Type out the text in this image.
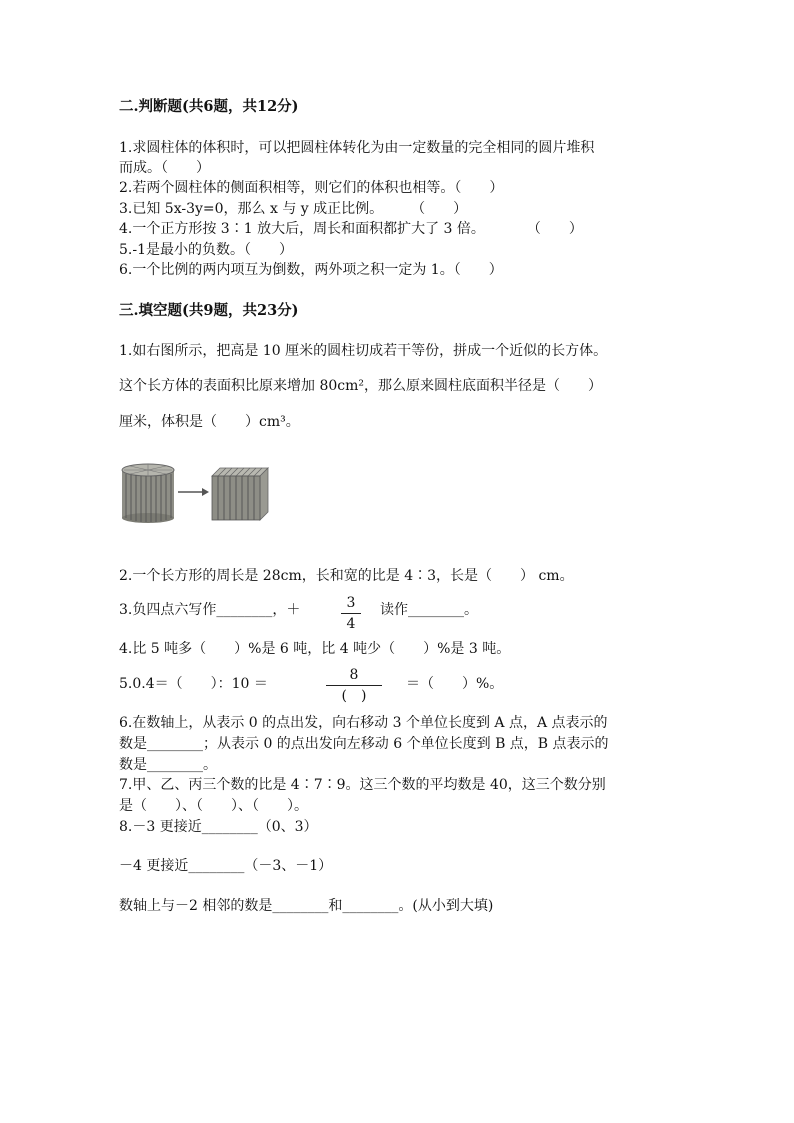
二.判断题(共6题，共12分)
1.求圆柱体的体积时，可以把圆柱体转化为由一定数量的完全相同的圆片堆积
而成。（　　）
2.若两个圆柱体的侧面积相等，则它们的体积也相等。（　　）
3.已知 5x-3y=0，那么 x 与 y 成正比例。　　　（　　）
4.一个正方形按 3∶1 放大后，周长和面积都扩大了 3 倍。　　　　（　　）
5.-1是最小的负数。（　　）
6.一个比例的两内项互为倒数，两外项之积一定为 1。（　　）
三.填空题(共9题，共23分)
1.如右图所示，把高是 10 厘米的圆柱切成若干等份，拼成一个近似的长方体。
这个长方体的表面积比原来增加 80cm²，那么原来圆柱底面积半径是（　　）
厘米，体积是（　　）cm³。
2.一个长方形的周长是 28cm，长和宽的比是 4∶3，长是（　　） cm。
3.负四点六写作________，＋	3
4
读作________。
4.比 5 吨多（　　）%是 6 吨，比 4 吨少（　　）%是 3 吨。
5.0.4＝（　　）：10 ＝
8
(　)
＝（　　）%。
6.在数轴上，从表示 0 的点出发，向右移动 3 个单位长度到 A 点，A 点表示的
数是________；从表示 0 的点出发向左移动 6 个单位长度到 B 点，B 点表示的
数是________。
7.甲、乙、丙三个数的比是 4∶7∶9。这三个数的平均数是 40，这三个数分别
是（　　）、（　　）、（　　）。
8.－3 更接近________（0、3）
－4 更接近________（－3、－1）
数轴上与－2 相邻的数是________和________。(从小到大填)
